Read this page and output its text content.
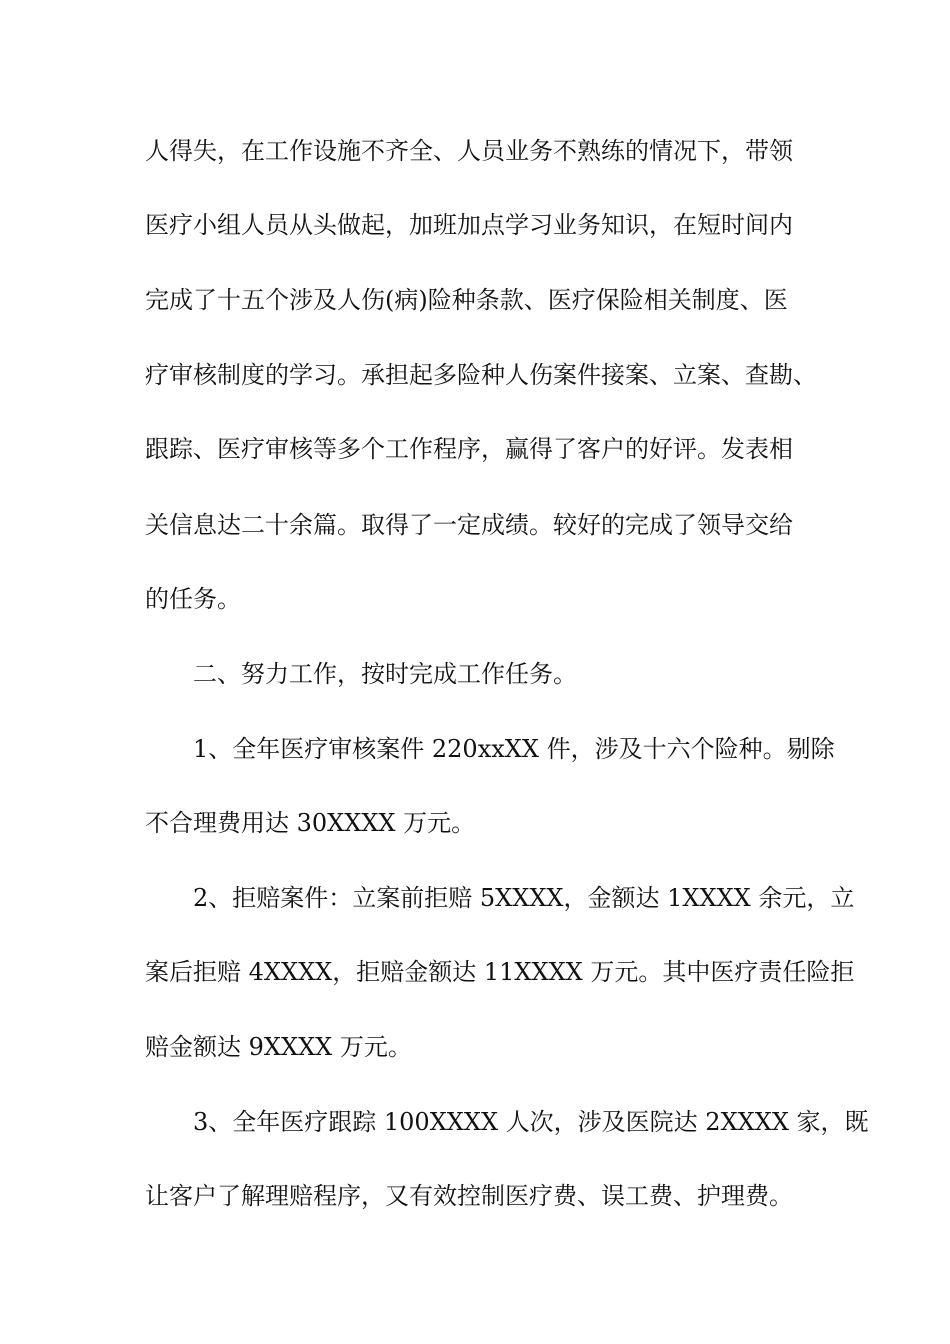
人得失，在工作设施不齐全、人员业务不熟练的情况下，带领
医疗小组人员从头做起，加班加点学习业务知识，在短时间内
完成了十五个涉及人伤(病)险种条款、医疗保险相关制度、医
疗审核制度的学习。承担起多险种人伤案件接案、立案、查勘、
跟踪、医疗审核等多个工作程序，赢得了客户的好评。发表相
关信息达二十余篇。取得了一定成绩。较好的完成了领导交给
的任务。
二、努力工作，按时完成工作任务。
1、全年医疗审核案件 220xxXX 件，涉及十六个险种。剔除
不合理费用达 30XXXX 万元。
2、拒赔案件：立案前拒赔 5XXXX，金额达 1XXXX 余元，立
案后拒赔 4XXXX，拒赔金额达 11XXXX 万元。其中医疗责任险拒
赔金额达 9XXXX 万元。
3、全年医疗跟踪 100XXXX 人次，涉及医院达 2XXXX 家，既
让客户了解理赔程序，又有效控制医疗费、误工费、护理费。
